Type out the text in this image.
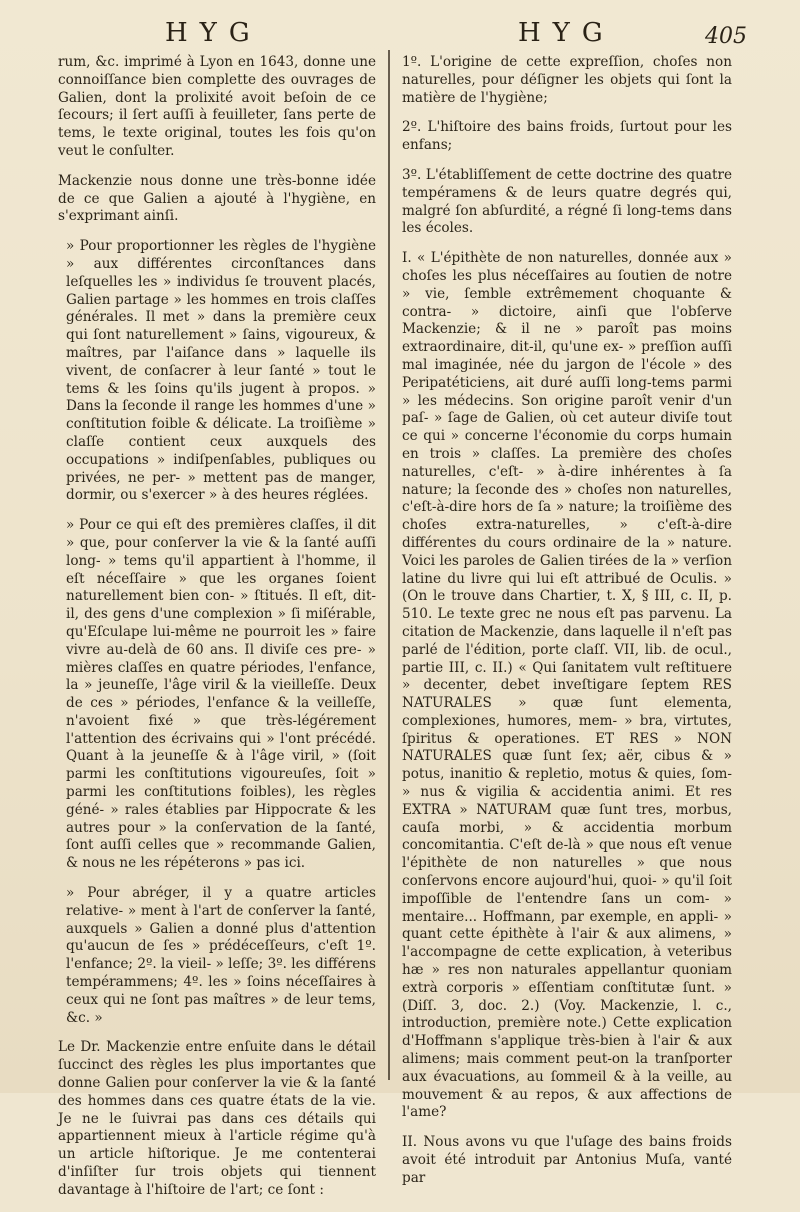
HYG	HYG	405

rum, &c. imprimé à Lyon en 1643, donne une connoiſſance bien complette des ouvrages de Galien, dont la prolixité avoit beſoin de ce ſecours; il ſert auſſi à feuilleter, ſans perte de tems, le texte original, toutes les fois qu'on veut le conſulter.

Mackenzie nous donne une très-bonne idée de ce que Galien a ajouté à l'hygiène, en s'exprimant ainſi.

» Pour proportionner les règles de l'hygiène » aux différentes circonſtances dans leſquelles les » individus ſe trouvent placés, Galien partage » les hommes en trois claſſes générales. Il met » dans la première ceux qui ſont naturellement » ſains, vigoureux, & maîtres, par l'aiſance dans » laquelle ils vivent, de conſacrer à leur ſanté » tout le tems & les ſoins qu'ils jugent à propos. » Dans la ſeconde il range les hommes d'une » conſtitution foible & délicate. La troiſième » claſſe contient ceux auxquels des occupations » indiſpenſables, publiques ou privées, ne per- » mettent pas de manger, dormir, ou s'exercer » à des heures réglées.

» Pour ce qui eſt des premières claſſes, il dit » que, pour conſerver la vie & la ſanté auſſi long- » tems qu'il appartient à l'homme, il eſt néceſſaire » que les organes ſoient naturellement bien con- » ſtitués. Il eſt, dit-il, des gens d'une complexion » ſi miſérable, qu'Eſculape lui-même ne pourroit les » faire vivre au-delà de 60 ans. Il diviſe ces pre- » mières claſſes en quatre périodes, l'enfance, la » jeuneſſe, l'âge viril & la vieilleſſe. Deux de ces » périodes, l'enfance & la veilleſſe, n'avoient fixé » que très-légérement l'attention des écrivains qui » l'ont précédé. Quant à la jeuneſſe & à l'âge viril, » (ſoit parmi les conſtitutions vigoureuſes, ſoit » parmi les conſtitutions foibles), les règles géné- » rales établies par Hippocrate & les autres pour » la conſervation de la ſanté, ſont auſſi celles que » recommande Galien, & nous ne les répéterons » pas ici.

» Pour abréger, il y a quatre articles relative- » ment à l'art de conſerver la ſanté, auxquels » Galien a donné plus d'attention qu'aucun de ſes » prédéceſſeurs, c'eſt 1º. l'enfance; 2º. la vieil- » leſſe; 3º. les différens tempérammens; 4º. les » ſoins néceſſaires à ceux qui ne ſont pas maîtres » de leur tems, &c. »

Le Dr. Mackenzie entre enſuite dans le détail ſuccinct des règles les plus importantes que donne Galien pour conſerver la vie & la ſanté des hommes dans ces quatre états de la vie. Je ne le ſuivrai pas dans ces détails qui appartiennent mieux à l'article régime qu'à un article hiſtorique. Je me contenterai d'inſiſter ſur trois objets qui tiennent davantage à l'hiſtoire de l'art; ce ſont :

1º. L'origine de cette expreſſion, choſes non naturelles, pour déſigner les objets qui ſont la matière de l'hygiène;

2º. L'hiſtoire des bains froids, ſurtout pour les enfans;

3º. L'établiſſement de cette doctrine des quatre tempéramens & de leurs quatre degrés qui, malgré ſon abſurdité, a régné ſi long-tems dans les écoles.

I. « L'épithète de non naturelles, donnée aux » choſes les plus néceſſaires au ſoutien de notre » vie, ſemble extrêmement choquante & contra- » dictoire, ainſi que l'obſerve Mackenzie; & il ne » paroît pas moins extraordinaire, dit-il, qu'une ex- » preſſion auſſi mal imaginée, née du jargon de l'école » des Peripatéticiens, ait duré auſſi long-tems parmi » les médecins. Son origine paroît venir d'un paſ- » ſage de Galien, où cet auteur diviſe tout ce qui » concerne l'économie du corps humain en trois » claſſes. La première des choſes naturelles, c'eſt- » à-dire inhérentes à ſa nature; la ſeconde des » choſes non naturelles, c'eſt-à-dire hors de ſa » nature; la troiſième des choſes extra-naturelles, » c'eſt-à-dire différentes du cours ordinaire de la » nature. Voici les paroles de Galien tirées de la » verſion latine du livre qui lui eſt attribué de Oculis. » (On le trouve dans Chartier, t. X, § III, c. II, p. 510. Le texte grec ne nous eſt pas parvenu. La citation de Mackenzie, dans laquelle il n'eſt pas parlé de l'édition, porte claſſ. VII, lib. de ocul., partie III, c. II.) « Qui ſanitatem vult reſtituere » decenter, debet inveſtigare ſeptem RES NATURALES » quæ ſunt elementa, complexiones, humores, mem- » bra, virtutes, ſpiritus & operationes. ET RES » NON NATURALES quæ ſunt ſex; aër, cibus & » potus, inanitio & repletio, motus & quies, ſom- » nus & vigilia & accidentia animi. Et res EXTRA » NATURAM quæ ſunt tres, morbus, cauſa morbi, » & accidentia morbum concomitantia. C'eſt de-là » que nous eſt venue l'épithète de non naturelles » que nous conſervons encore aujourd'hui, quoi- » qu'il ſoit impoſſible de l'entendre ſans un com- » mentaire... Hoffmann, par exemple, en appli- » quant cette épithète à l'air & aux alimens, » l'accompagne de cette explication, à veteribus hæ » res non naturales appellantur quoniam extrà corporis » eſſentiam conſtitutæ ſunt. » (Diſſ. 3, doc. 2.) (Voy. Mackenzie, l. c., introduction, première note.) Cette explication d'Hoffmann s'applique très-bien à l'air & aux alimens; mais comment peut-on la tranſporter aux évacuations, au ſommeil & à la veille, au mouvement & au repos, & aux affections de l'ame?

II. Nous avons vu que l'uſage des bains froids avoit été introduit par Antonius Muſa, vanté par
